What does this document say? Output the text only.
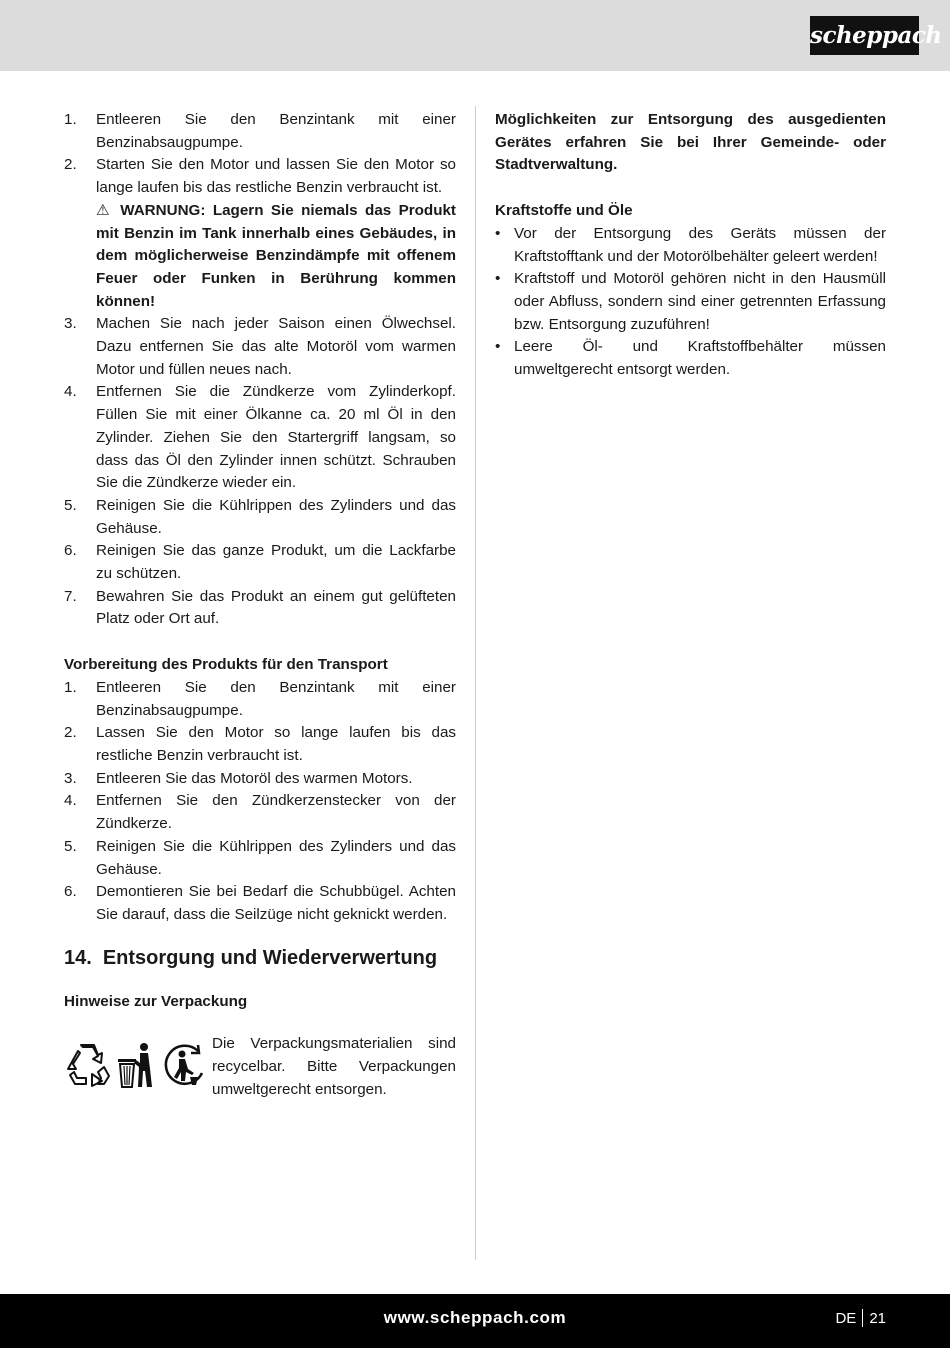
scheppach
1. Entleeren Sie den Benzintank mit einer Benzinabsaugpumpe.
2. Starten Sie den Motor und lassen Sie den Motor so lange laufen bis das restliche Benzin verbraucht ist.
⚠ WARNUNG: Lagern Sie niemals das Produkt mit Benzin im Tank innerhalb eines Gebäudes, in dem möglicherweise Benzindämpfe mit offenem Feuer oder Funken in Berührung kommen können!
3. Machen Sie nach jeder Saison einen Ölwechsel. Dazu entfernen Sie das alte Motoröl vom warmen Motor und füllen neues nach.
4. Entfernen Sie die Zündkerze vom Zylinderkopf. Füllen Sie mit einer Ölkanne ca. 20 ml Öl in den Zylinder. Ziehen Sie den Startergriff langsam, so dass das Öl den Zylinder innen schützt. Schrauben Sie die Zündkerze wieder ein.
5. Reinigen Sie die Kühlrippen des Zylinders und das Gehäuse.
6. Reinigen Sie das ganze Produkt, um die Lackfarbe zu schützen.
7. Bewahren Sie das Produkt an einem gut gelüfteten Platz oder Ort auf.

Vorbereitung des Produkts für den Transport

1. Entleeren Sie den Benzintank mit einer Benzinabsaugpumpe.
2. Lassen Sie den Motor so lange laufen bis das restliche Benzin verbraucht ist.
3. Entleeren Sie das Motoröl des warmen Motors.
4. Entfernen Sie den Zündkerzenstecker von der Zündkerze.
5. Reinigen Sie die Kühlrippen des Zylinders und das Gehäuse.
6. Demontieren Sie bei Bedarf die Schubbügel. Achten Sie darauf, dass die Seilzüge nicht geknickt werden.
14. Entsorgung und Wiederverwertung

Hinweise zur Verpackung

Die Verpackungsmaterialien sind recycelbar. Bitte Verpackungen umweltgerecht entsorgen.

Möglichkeiten zur Entsorgung des ausgedienten Gerätes erfahren Sie bei Ihrer Gemeinde- oder Stadtverwaltung.

Kraftstoffe und Öle

• Vor der Entsorgung des Geräts müssen der Kraftstofftank und der Motorölbehälter geleert werden!
• Kraftstoff und Motoröl gehören nicht in den Hausmüll oder Abfluss, sondern sind einer getrennten Erfassung bzw. Entsorgung zuzuführen!
• Leere Öl- und Kraftstoffbehälter müssen umweltgerecht entsorgt werden.
www.scheppach.com	DE 21
